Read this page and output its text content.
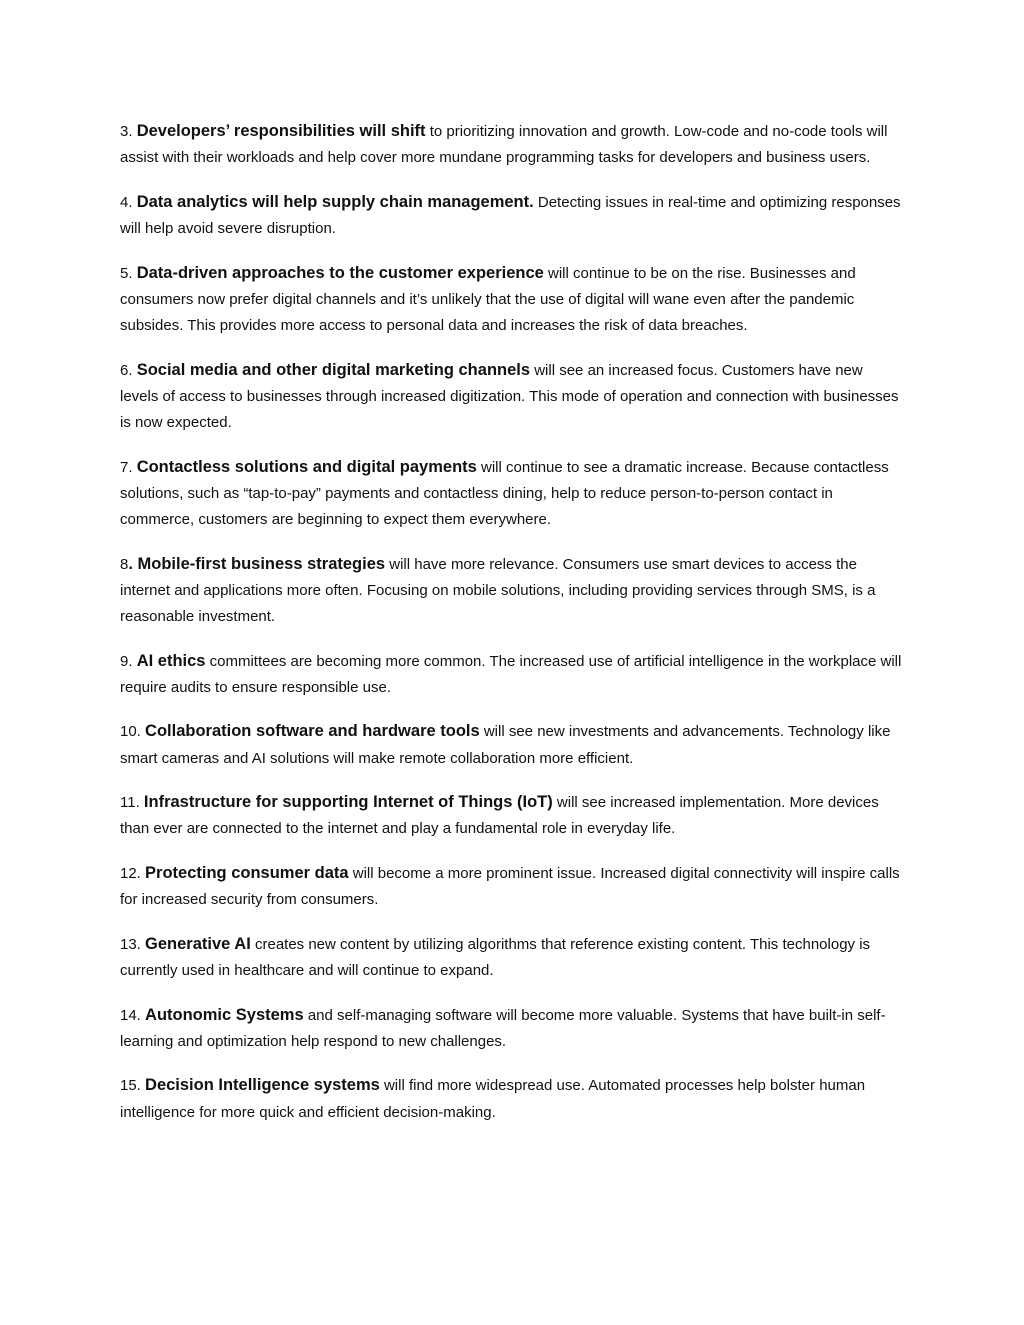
3. Developers’ responsibilities will shift to prioritizing innovation and growth. Low-code and no-code tools will assist with their workloads and help cover more mundane programming tasks for developers and business users.

4. Data analytics will help supply chain management. Detecting issues in real-time and optimizing responses will help avoid severe disruption.

5. Data-driven approaches to the customer experience will continue to be on the rise. Businesses and consumers now prefer digital channels and it’s unlikely that the use of digital will wane even after the pandemic subsides. This provides more access to personal data and increases the risk of data breaches.

6. Social media and other digital marketing channels will see an increased focus. Customers have new levels of access to businesses through increased digitization. This mode of operation and connection with businesses is now expected.

7. Contactless solutions and digital payments will continue to see a dramatic increase. Because contactless solutions, such as “tap-to-pay” payments and contactless dining, help to reduce person-to-person contact in commerce, customers are beginning to expect them everywhere.

8. Mobile-first business strategies will have more relevance. Consumers use smart devices to access the internet and applications more often. Focusing on mobile solutions, including providing services through SMS, is a reasonable investment.

9. AI ethics committees are becoming more common. The increased use of artificial intelligence in the workplace will require audits to ensure responsible use.

10. Collaboration software and hardware tools will see new investments and advancements. Technology like smart cameras and AI solutions will make remote collaboration more efficient.

11. Infrastructure for supporting Internet of Things (IoT) will see increased implementation. More devices than ever are connected to the internet and play a fundamental role in everyday life.

12. Protecting consumer data will become a more prominent issue. Increased digital connectivity will inspire calls for increased security from consumers.

13. Generative AI creates new content by utilizing algorithms that reference existing content. This technology is currently used in healthcare and will continue to expand.

14. Autonomic Systems and self-managing software will become more valuable. Systems that have built-in self-learning and optimization help respond to new challenges.

15. Decision Intelligence systems will find more widespread use. Automated processes help bolster human intelligence for more quick and efficient decision-making.
